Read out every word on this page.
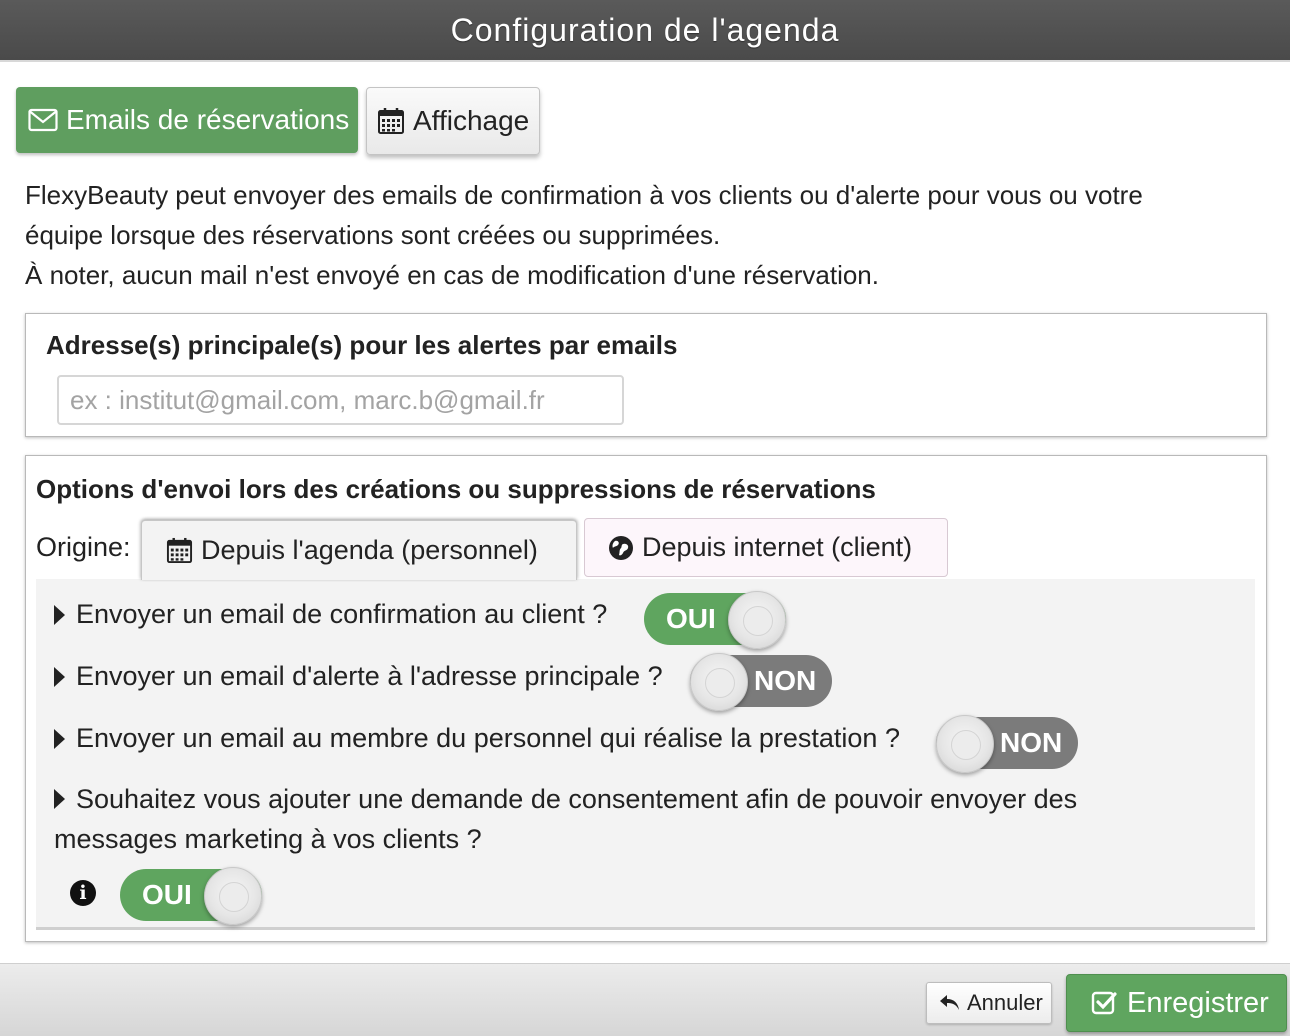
Configuration de l'agenda
Emails de réservations Affichage
FlexyBeauty peut envoyer des emails de confirmation à vos clients ou d'alerte pour vous ou votre
équipe lorsque des réservations sont créées ou supprimées.
À noter, aucun mail n'est envoyé en cas de modification d'une réservation.
Adresse(s) principale(s) pour les alertes par emails
ex : institut@gmail.com, marc.b@gmail.fr
Options d'envoi lors des créations ou suppressions de réservations
Origine:	Depuis l'agenda (personnel)	Depuis internet (client)
Envoyer un email de confirmation au client ? OUI
Envoyer un email d'alerte à l'adresse principale ?	NON
Envoyer un email au membre du personnel qui réalise la prestation ?	NON
Souhaitez vous ajouter une demande de consentement afin de pouvoir envoyer des
messages marketing à vos clients ?
i	OUI
Annuler	Enregistrer
